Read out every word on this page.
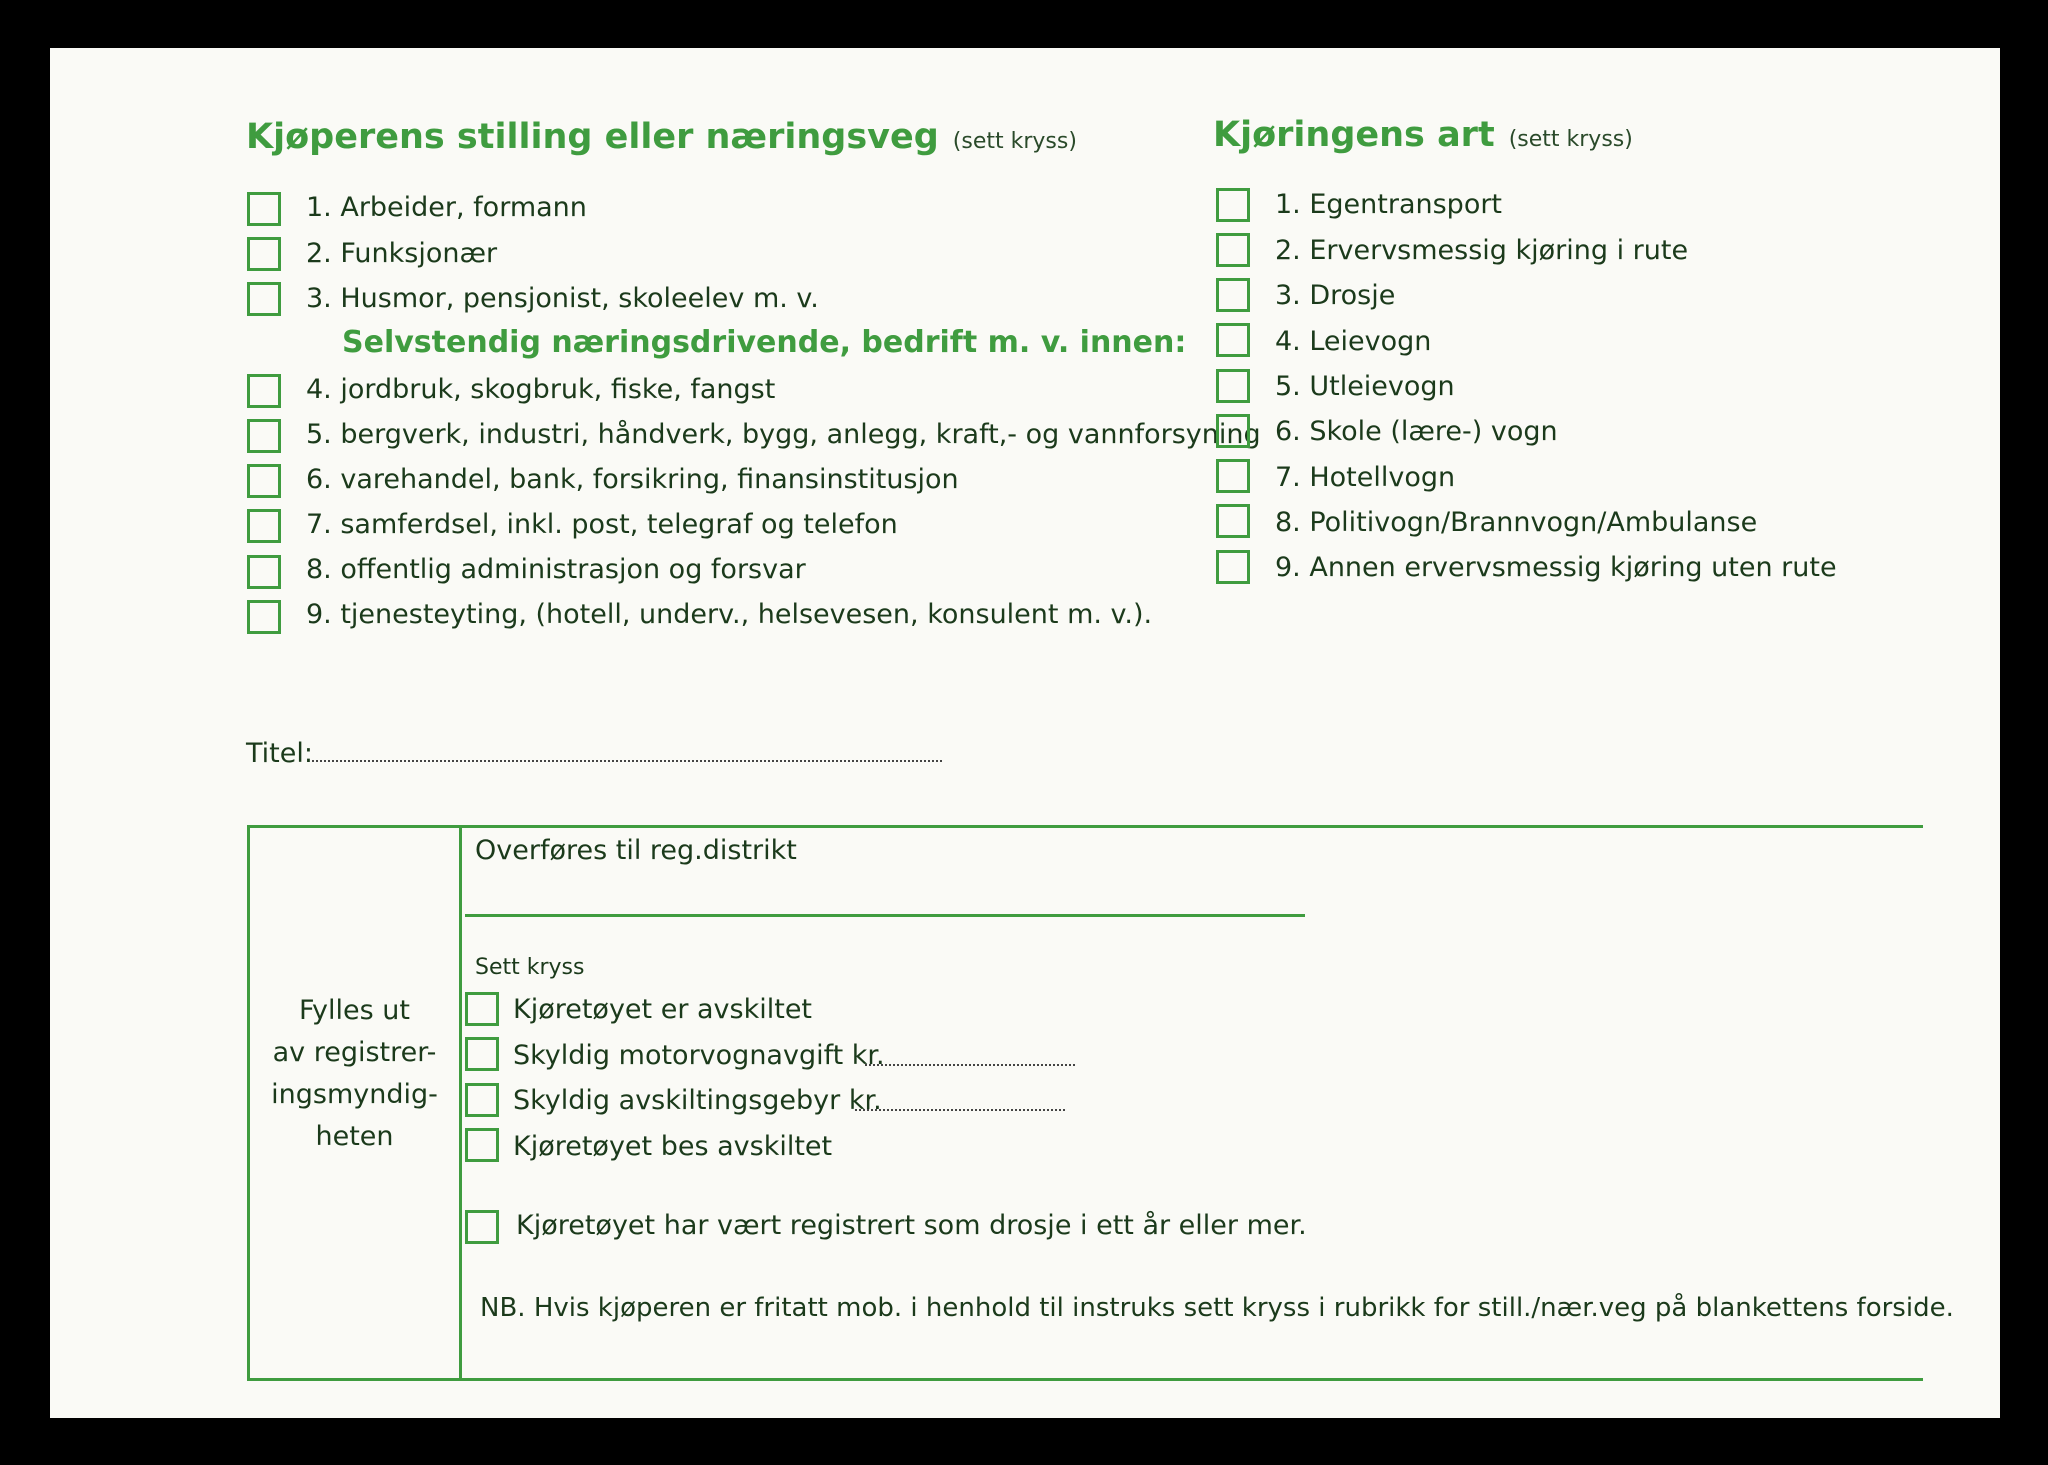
Kjøperens stilling eller næringsveg (sett kryss)
1. Arbeider, formann
2. Funksjonær
3. Husmor, pensjonist, skoleelev m. v.
Selvstendig næringsdrivende, bedrift m. v. innen:
4. jordbruk, skogbruk, fiske, fangst
5. bergverk, industri, håndverk, bygg, anlegg, kraft,- og vannforsyning
6. varehandel, bank, forsikring, finansinstitusjon
7. samferdsel, inkl. post, telegraf og telefon
8. offentlig administrasjon og forsvar
9. tjenesteyting, (hotell, underv., helsevesen, konsulent m. v.).
Titel:
Kjøringens art (sett kryss)
1. Egentransport
2. Ervervsmessig kjøring i rute
3. Drosje
4. Leievogn
5. Utleievogn
6. Skole (lære-) vogn
7. Hotellvogn
8. Politivogn/Brannvogn/Ambulanse
9. Annen ervervsmessig kjøring uten rute
Fylles ut
av registrer-
ingsmyndig-
heten
Overføres til reg.distrikt
Sett kryss
Kjøretøyet er avskiltet
Skyldig motorvognavgift kr.
Skyldig avskiltingsgebyr kr.
Kjøretøyet bes avskiltet
Kjøretøyet har vært registrert som drosje i ett år eller mer.
NB. Hvis kjøperen er fritatt mob. i henhold til instruks sett kryss i rubrikk for still./nær.veg på blankettens forside.
